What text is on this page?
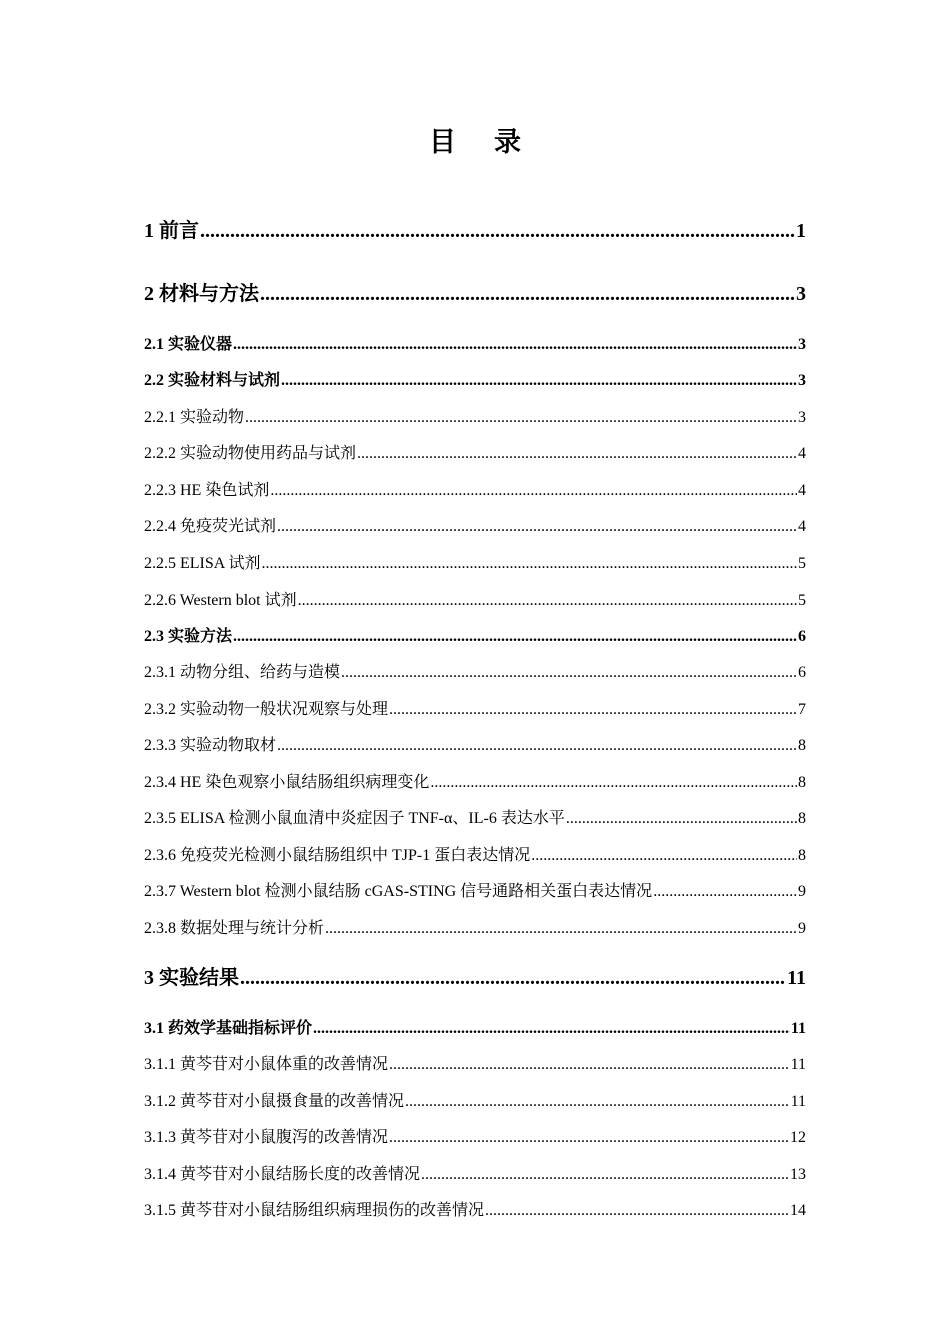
目录
1 前言 .....	1
2 材料与方法 .....	3
2.1 实验仪器 .....	3
2.2 实验材料与试剂 .....	3
2.2.1 实验动物 .....	3
2.2.2 实验动物使用药品与试剂 .....	4
2.2.3 HE 染色试剂 .....	4
2.2.4 免疫荧光试剂 .....	4
2.2.5 ELISA 试剂 .....	5
2.2.6 Western blot 试剂 .....	5
2.3 实验方法 .....	6
2.3.1 动物分组、给药与造模 .....	6
2.3.2 实验动物一般状况观察与处理 .....	7
2.3.3 实验动物取材 .....	8
2.3.4 HE 染色观察小鼠结肠组织病理变化 .....	8
2.3.5 ELISA 检测小鼠血清中炎症因子 TNF-α、IL-6 表达水平 .....	8
2.3.6 免疫荧光检测小鼠结肠组织中 TJP-1 蛋白表达情况 .....	8
2.3.7 Western blot 检测小鼠结肠 cGAS-STING 信号通路相关蛋白表达情况 .....	9
2.3.8 数据处理与统计分析 .....	9
3 实验结果 .....	11
3.1 药效学基础指标评价 .....	11
3.1.1 黄芩苷对小鼠体重的改善情况 .....	11
3.1.2 黄芩苷对小鼠摄食量的改善情况 .....	11
3.1.3 黄芩苷对小鼠腹泻的改善情况 .....	12
3.1.4 黄芩苷对小鼠结肠长度的改善情况 .....	13
3.1.5 黄芩苷对小鼠结肠组织病理损伤的改善情况 .....	14
